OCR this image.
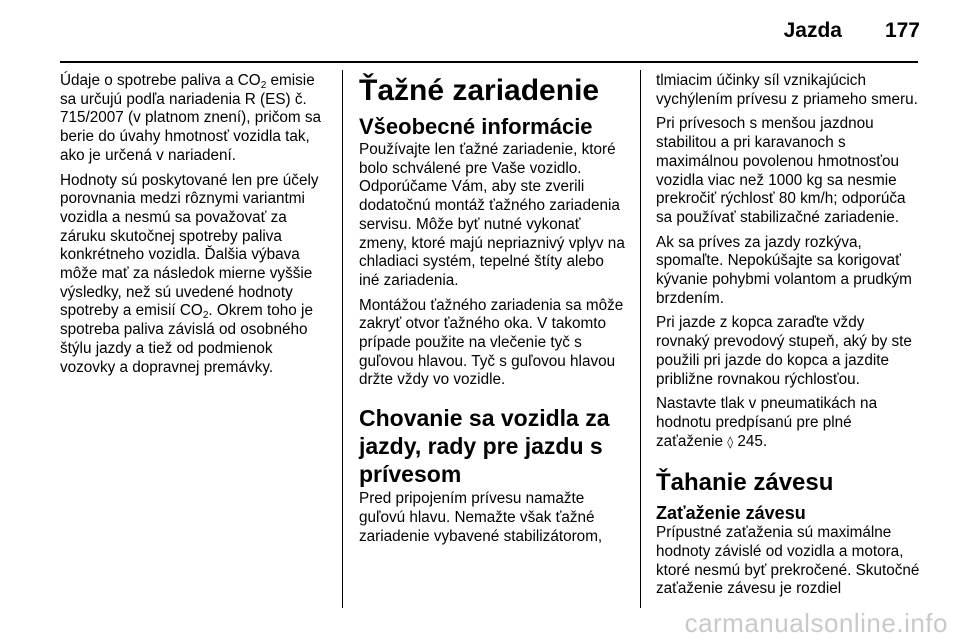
Jazda 177

Údaje o spotrebe paliva a $CO_2$ emisie sa určujú podľa nariadenia R (ES) č. 715/2007 (v platnom znení), pričom sa berie do úvahy hmotnosť vozidla tak, ako je určená v nariadení.

Hodnoty sú poskytované len pre účely porovnania medzi rôznymi variantmi vozidla a nesmú sa považovať za záruku skutočnej spotreby paliva konkrétneho vozidla. Ďalšia výbava môže mať za následok mierne vyššie výsledky, než sú uvedené hodnoty spotreby a emisií $CO_2$. Okrem toho je spotreba paliva závislá od osobného štýlu jazdy a tiež od podmienok vozovky a dopravnej premávky.

Ťažné zariadenie
Všeobecné informácie

Používajte len ťažné zariadenie, ktoré bolo schválené pre Vaše vozidlo. Odporúčame Vám, aby ste zverili dodatočnú montáž ťažného zariadenia servisu. Môže byť nutné vykonať zmeny, ktoré majú nepriaznivý vplyv na chladiaci systém, tepelné štíty alebo iné zariadenia.

Montážou ťažného zariadenia sa môže zakryť otvor ťažného oka. V takomto prípade použite na vlečenie tyč s guľovou hlavou. Tyč s guľovou hlavou držte vždy vo vozidle.

Chovanie sa vozidla za jazdy, rady pre jazdu s prívesom

Pred pripojením prívesu namažte guľovú hlavu. Nemažte však ťažné zariadenie vybavené stabilizátorom,

tlmiacim účinky síl vznikajúcich vychýlením prívesu z priameho smeru.

Pri prívesoch s menšou jazdnou stabilitou a pri karavanoch s maximálnou povolenou hmotnosťou vozidla viac než 1000 kg sa nesmie prekročiť rýchlosť 80 km/h; odporúča sa používať stabilizačné zariadenie.

Ak sa príves za jazdy rozkýva, spomaľte. Nepokúšajte sa korigovať kývanie pohybmi volantom a prudkým brzdením.

Pri jazde z kopca zaraďte vždy rovnaký prevodový stupeň, aký by ste použili pri jazde do kopca a jazdite približne rovnakou rýchlosťou.

Nastavte tlak v pneumatikách na hodnotu predpísanú pre plné zaťaženie ◊ 245.

Ťahanie závesu
Zaťaženie závesu

Prípustné zaťaženia sú maximálne hodnoty závislé od vozidla a motora, ktoré nesmú byť prekročené. Skutočné zaťaženie závesu je rozdiel

carmanualsonline.info
